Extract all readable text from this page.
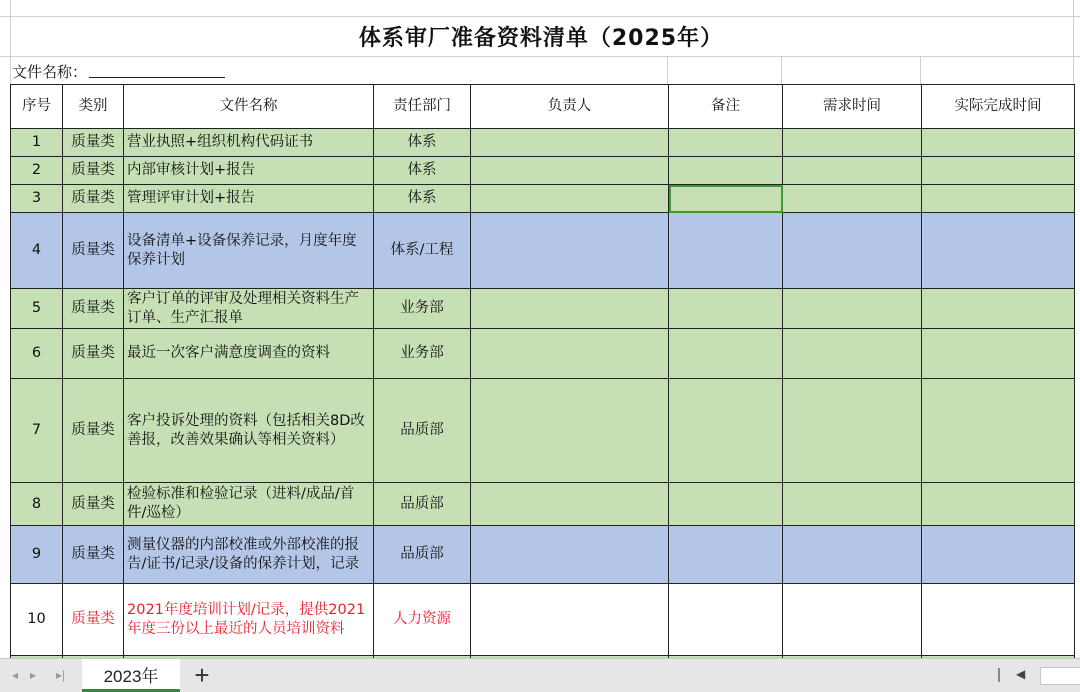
体系审厂准备资料清单（2025年）
文件名称：
序号	类别	文件名称	责任部门	负责人	备注	需求时间	实际完成时间
1	质量类	营业执照+组织机构代码证书	体系				
2	质量类	内部审核计划+报告	体系				
3	质量类	管理评审计划+报告	体系				
4	质量类	设备清单+设备保养记录，月度年度保养计划	体系/工程				
5	质量类	客户订单的评审及处理相关资料生产订单、生产汇报单	业务部				
6	质量类	最近一次客户满意度调查的资料	业务部				
7	质量类	客户投诉处理的资料（包括相关8D改善报，改善效果确认等相关资料）	品质部				
8	质量类	检验标准和检验记录（进料/成品/首件/巡检）	品质部				
9	质量类	测量仪器的内部校准或外部校准的报告/证书/记录/设备的保养计划，记录	品质部				
10	质量类	2021年度培训计划/记录，提供2021年度三份以上最近的人员培训资料	人力资源				

◂ ▸ ▸|	2023年	+	◀
